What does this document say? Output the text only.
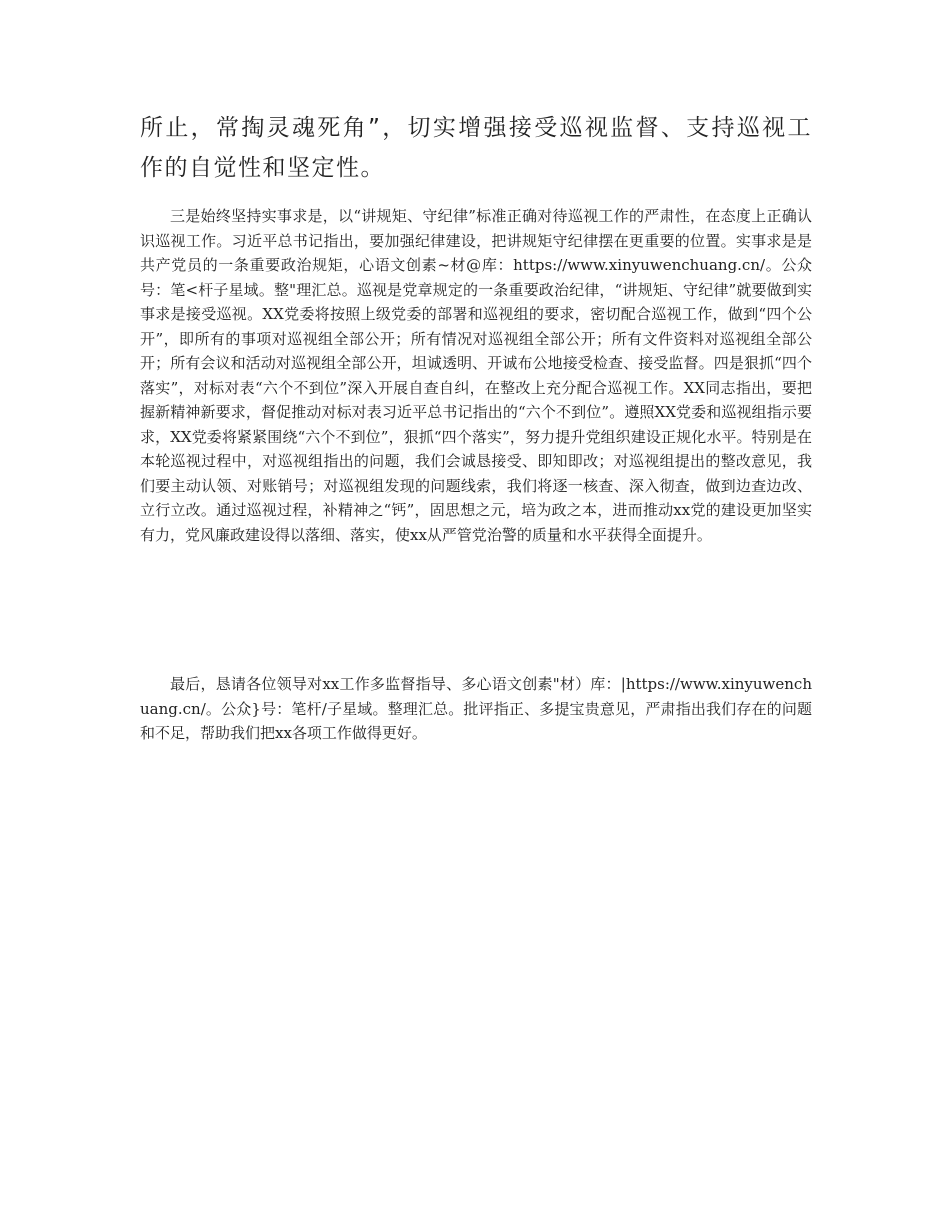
所止，常掏灵魂死角”，切实增强接受巡视监督、支持巡视工作的自觉性和坚定性。

三是始终坚持实事求是，以“讲规矩、守纪律”标准正确对待巡视工作的严肃性，在态度上正确认识巡视工作。习近平总书记指出，要加强纪律建设，把讲规矩守纪律摆在更重要的位置。实事求是是共产党员的一条重要政治规矩，心语文创素~材@库：https://www.xinyuwenchuang.cn/。公众号：笔<杆子星域。整"理汇总。巡视是党章规定的一条重要政治纪律，“讲规矩、守纪律”就要做到实事求是接受巡视。XX党委将按照上级党委的部署和巡视组的要求，密切配合巡视工作，做到“四个公开”，即所有的事项对巡视组全部公开；所有情况对巡视组全部公开；所有文件资料对巡视组全部公开；所有会议和活动对巡视组全部公开，坦诚透明、开诚布公地接受检查、接受监督。四是狠抓“四个落实”，对标对表“六个不到位”深入开展自查自纠，在整改上充分配合巡视工作。XX同志指出，要把握新精神新要求，督促推动对标对表习近平总书记指出的“六个不到位”。遵照XX党委和巡视组指示要求，XX党委将紧紧围绕“六个不到位”，狠抓“四个落实”，努力提升党组织建设正规化水平。特别是在本轮巡视过程中，对巡视组指出的问题，我们会诚恳接受、即知即改；对巡视组提出的整改意见，我们要主动认领、对账销号；对巡视组发现的问题线索，我们将逐一核查、深入彻查，做到边查边改、立行立改。通过巡视过程，补精神之“钙”，固思想之元，培为政之本，进而推动xx党的建设更加坚实有力，党风廉政建设得以落细、落实，使xx从严管党治警的质量和水平获得全面提升。

最后，恳请各位领导对xx工作多监督指导、多心语文创素"材）库：|https://www.xinyuwenchuang.cn/。公众}号：笔杆/子星域。整理汇总。批评指正、多提宝贵意见，严肃指出我们存在的问题和不足，帮助我们把xx各项工作做得更好。
